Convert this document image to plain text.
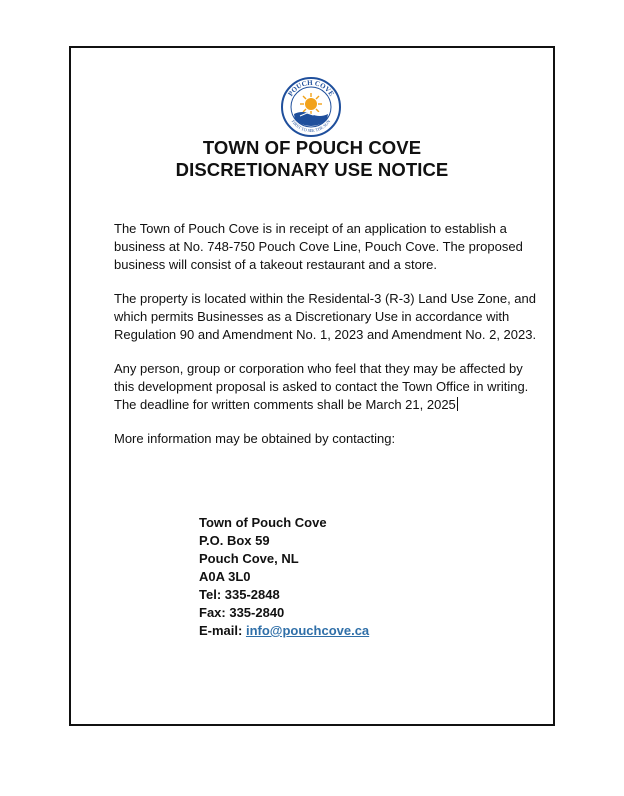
POUCH COVE
FIRST TO SEE THE SUN
TOWN OF POUCH COVE
DISCRETIONARY USE NOTICE
The Town of Pouch Cove is in receipt of an application to establish a business at No. 748-750 Pouch Cove Line, Pouch Cove. The proposed business will consist of a takeout restaurant and a store.
The property is located within the Residental-3 (R-3) Land Use Zone, and which permits Businesses as a Discretionary Use in accordance with Regulation 90 and Amendment No. 1, 2023 and Amendment No. 2, 2023.
Any person, group or corporation who feel that they may be affected by this development proposal is asked to contact the Town Office in writing. The deadline for written comments shall be March 21, 2025
More information may be obtained by contacting:
Town of Pouch Cove
P.O. Box 59
Pouch Cove, NL
A0A 3L0
Tel: 335-2848
Fax: 335-2840
E-mail: info@pouchcove.ca
